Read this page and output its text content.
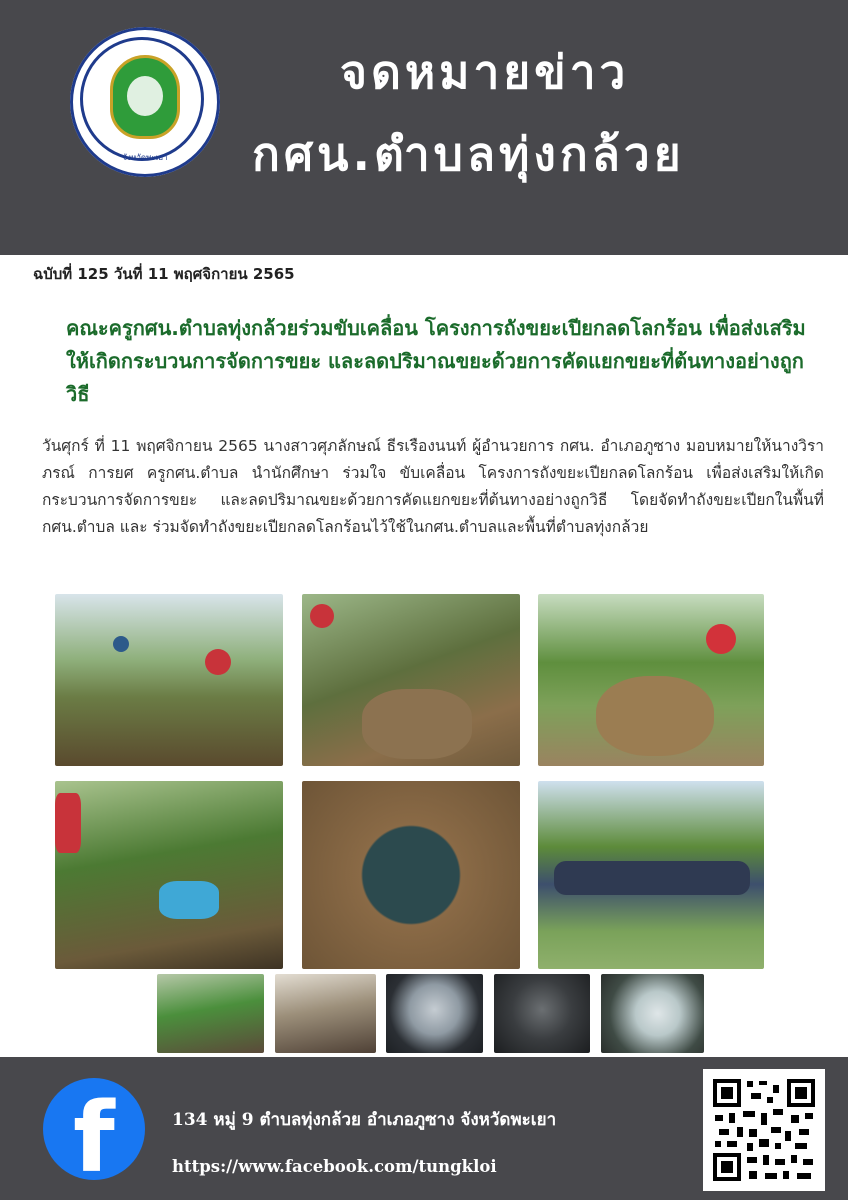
จังหวัดพะเยา
จดหมายข่าว
กศน.ตำบลทุ่งกล้วย
ฉบับที่ 125 วันที่ 11 พฤศจิกายน 2565
คณะครูกศน.ตำบลทุ่งกล้วยร่วมขับเคลื่อน โครงการถังขยะเปียกลดโลกร้อน เพื่อส่งเสริมให้เกิดกระบวนการจัดการขยะ และลดปริมาณขยะด้วยการคัดแยกขยะที่ต้นทางอย่างถูกวิธี
วันศุกร์ ที่ 11 พฤศจิกายน 2565 นางสาวศุภลักษณ์ ธีรเรืองนนท์ ผู้อำนวยการ กศน. อำเภอภูซาง มอบหมายให้นางวิราภรณ์ การยศ ครูกศน.ตำบล นำนักศึกษา ร่วมใจ ขับเคลื่อน โครงการถังขยะเปียกลดโลกร้อน เพื่อส่งเสริมให้เกิดกระบวนการจัดการขยะ และลดปริมาณขยะด้วยการคัดแยกขยะที่ต้นทางอย่างถูกวิธี โดยจัดทำถังขยะเปียกในพื้นที่ กศน.ตำบล และ ร่วมจัดทำถังขยะเปียกลดโลกร้อนไว้ใช้ในกศน.ตำบลและพื้นที่ตำบลทุ่งกล้วย
f	134 หมู่ 9 ตำบลทุ่งกล้วย อำเภอภูซาง จังหวัดพะเยา
https://www.facebook.com/tungkloi
